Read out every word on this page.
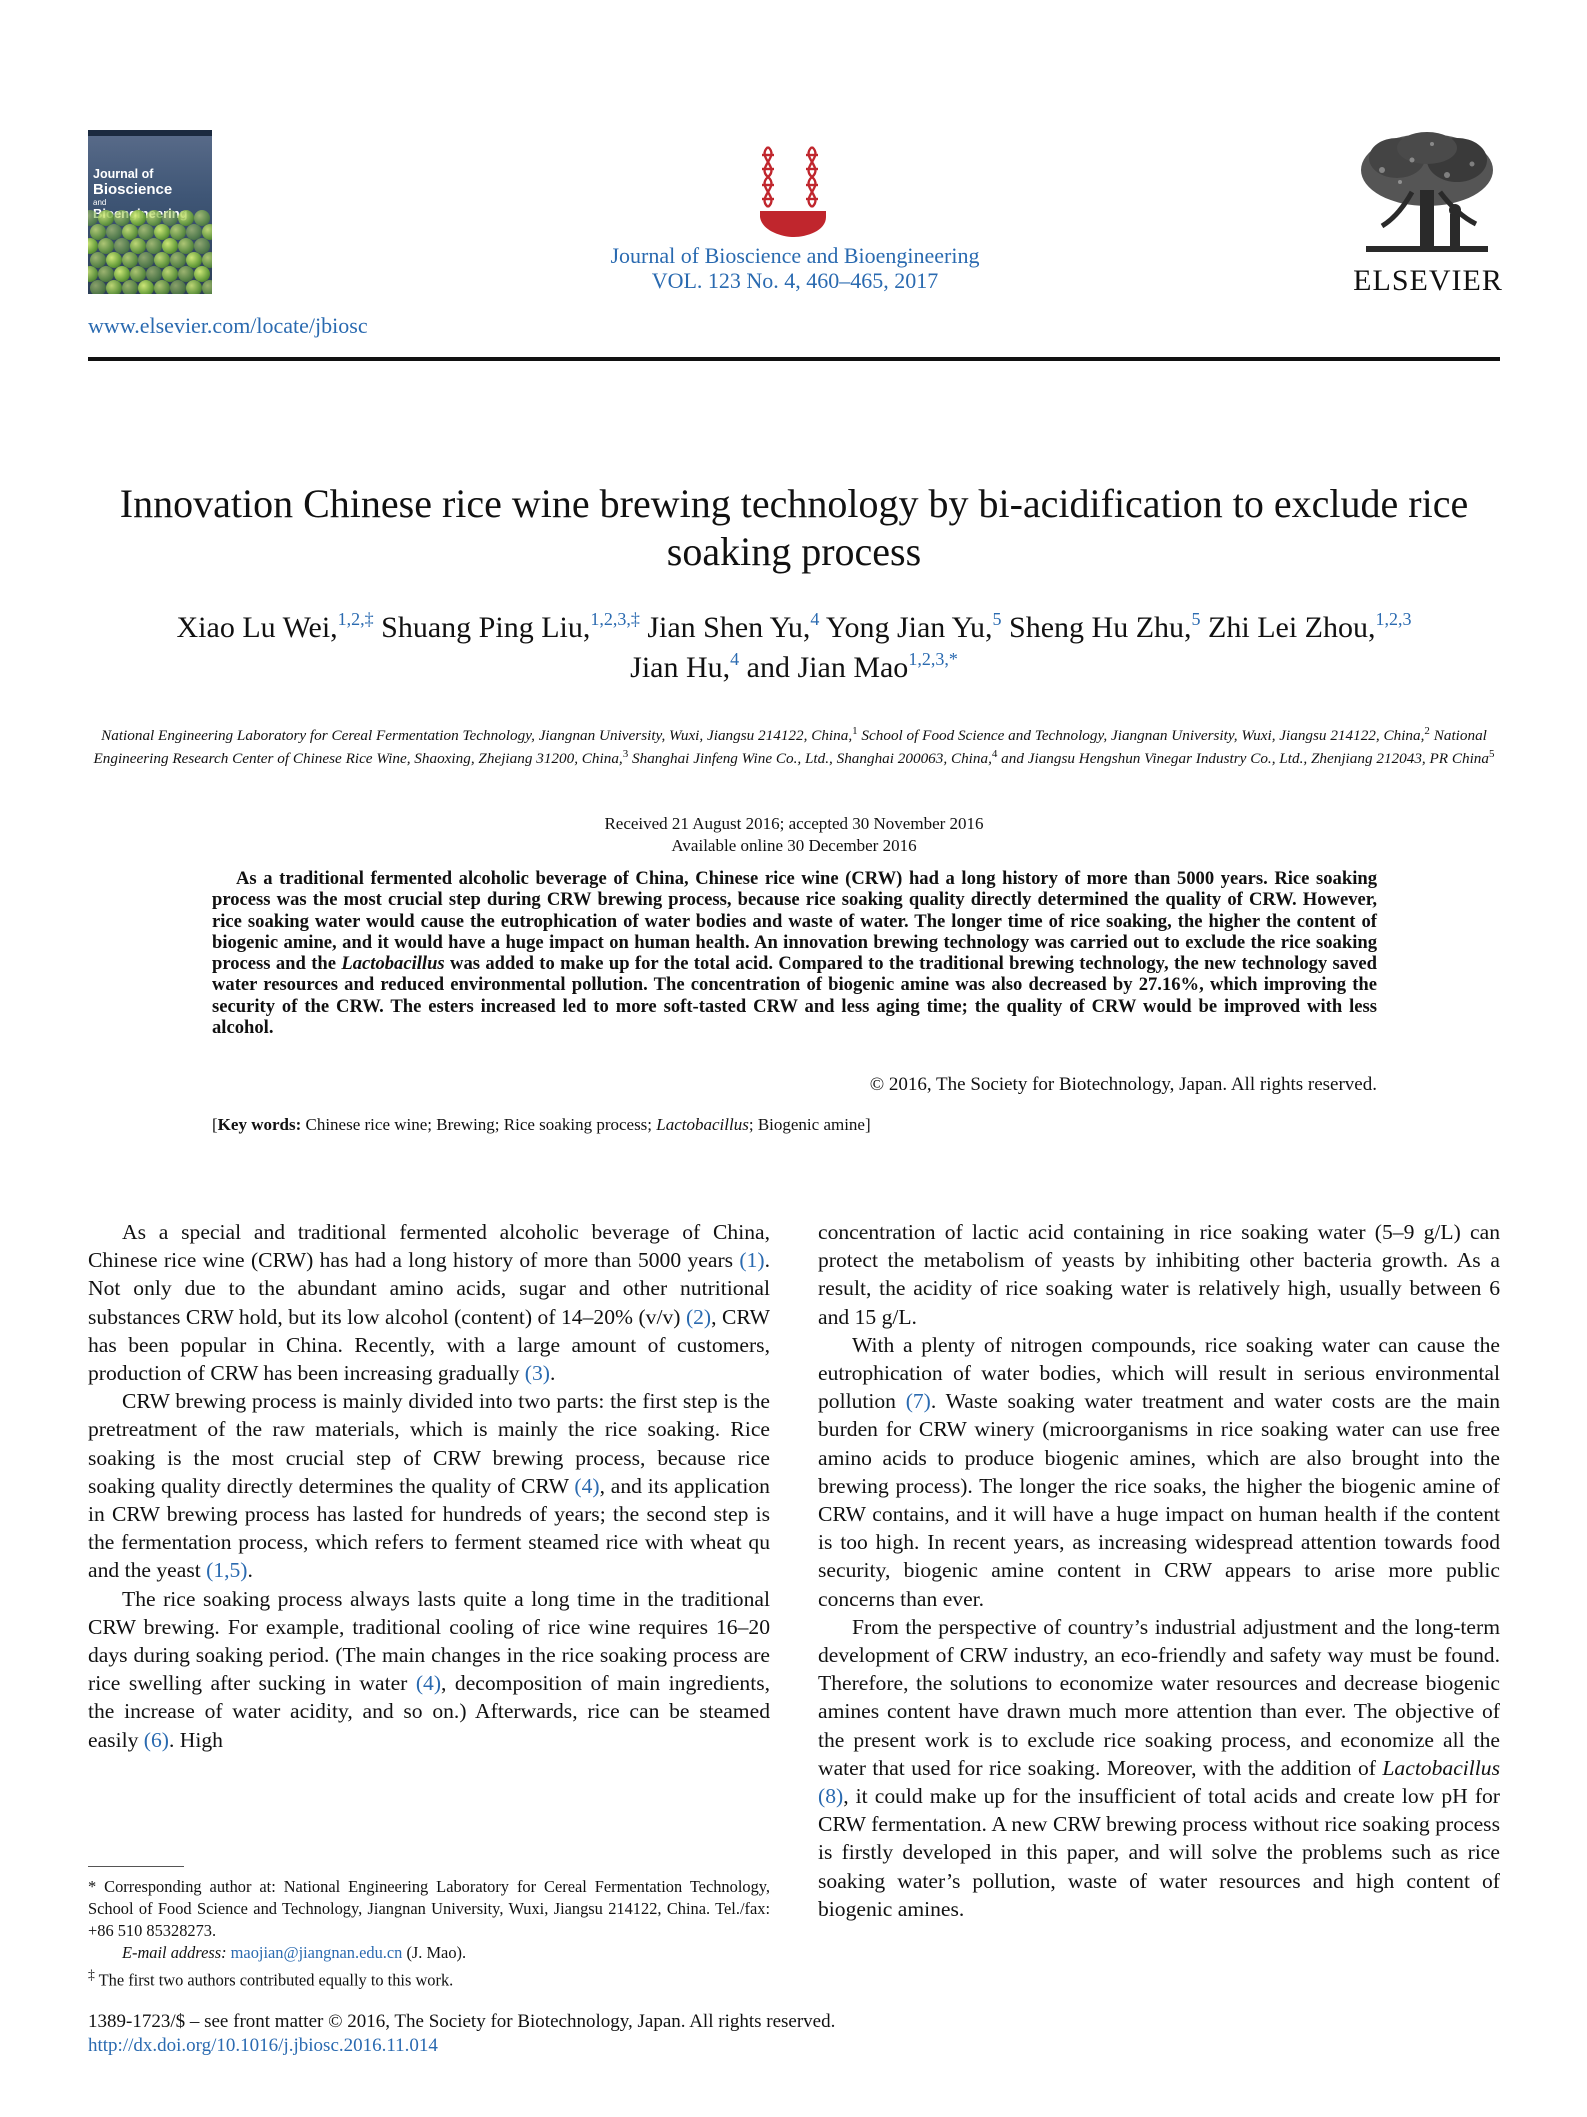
Journal of
Bioscience
and
Journal of Bioscience and Bioengineering
VOL. 123 No. 4, 460–465, 2017
www.elsevier.com/locate/jbiosc
ELSEVIER
Innovation Chinese rice wine brewing technology by bi-acidification to exclude rice soaking process
Xiao Lu Wei,$^{1,2,\ddagger}$ Shuang Ping Liu,$^{1,2,3,\ddagger}$ Jian Shen Yu,$^4$ Yong Jian Yu,$^5$ Sheng Hu Zhu,$^5$ Zhi Lei Zhou,$^{1,2,3}$
Jian Hu,$^4$ and Jian Mao$^{1,2,3,*}$
National Engineering Laboratory for Cereal Fermentation Technology, Jiangnan University, Wuxi, Jiangsu 214122, China,$^1$ School of Food Science and Technology, Jiangnan University, Wuxi, Jiangsu 214122, China,$^2$ National Engineering Research Center of Chinese Rice Wine, Shaoxing, Zhejiang 31200, China,$^3$ Shanghai Jinfeng Wine Co., Ltd., Shanghai 200063, China,$^4$ and Jiangsu Hengshun Vinegar Industry Co., Ltd., Zhenjiang 212043, PR China$^5$
Received 21 August 2016; accepted 30 November 2016
Available online 30 December 2016
As a traditional fermented alcoholic beverage of China, Chinese rice wine (CRW) had a long history of more than 5000 years. Rice soaking process was the most crucial step during CRW brewing process, because rice soaking quality directly determined the quality of CRW. However, rice soaking water would cause the eutrophication of water bodies and waste of water. The longer time of rice soaking, the higher the content of biogenic amine, and it would have a huge impact on human health. An innovation brewing technology was carried out to exclude the rice soaking process and the Lactobacillus was added to make up for the total acid. Compared to the traditional brewing technology, the new technology saved water resources and reduced environmental pollution. The concentration of biogenic amine was also decreased by 27.16%, which improving the security of the CRW. The esters increased led to more soft-tasted CRW and less aging time; the quality of CRW would be improved with less alcohol.
© 2016, The Society for Biotechnology, Japan. All rights reserved.
[Key words: Chinese rice wine; Brewing; Rice soaking process; Lactobacillus; Biogenic amine]

As a special and traditional fermented alcoholic beverage of China, Chinese rice wine (CRW) has had a long history of more than 5000 years (1). Not only due to the abundant amino acids, sugar and other nutritional substances CRW hold, but its low alcohol (content) of 14–20% (v/v) (2), CRW has been popular in China. Recently, with a large amount of customers, production of CRW has been increasing gradually (3).

CRW brewing process is mainly divided into two parts: the first step is the pretreatment of the raw materials, which is mainly the rice soaking. Rice soaking is the most crucial step of CRW brewing process, because rice soaking quality directly determines the quality of CRW (4), and its application in CRW brewing process has lasted for hundreds of years; the second step is the fermentation process, which refers to ferment steamed rice with wheat qu and the yeast (1,5).

The rice soaking process always lasts quite a long time in the traditional CRW brewing. For example, traditional cooling of rice wine requires 16–20 days during soaking period. (The main changes in the rice soaking process are rice swelling after sucking in water (4), decomposition of main ingredients, the increase of water acidity, and so on.) Afterwards, rice can be steamed easily (6). High

concentration of lactic acid containing in rice soaking water (5–9 g/L) can protect the metabolism of yeasts by inhibiting other bacteria growth. As a result, the acidity of rice soaking water is relatively high, usually between 6 and 15 g/L.

With a plenty of nitrogen compounds, rice soaking water can cause the eutrophication of water bodies, which will result in serious environmental pollution (7). Waste soaking water treatment and water costs are the main burden for CRW winery (microorganisms in rice soaking water can use free amino acids to produce biogenic amines, which are also brought into the brewing process). The longer the rice soaks, the higher the biogenic amine of CRW contains, and it will have a huge impact on human health if the content is too high. In recent years, as increasing widespread attention towards food security, biogenic amine content in CRW appears to arise more public concerns than ever.

From the perspective of country’s industrial adjustment and the long-term development of CRW industry, an eco-friendly and safety way must be found. Therefore, the solutions to economize water resources and decrease biogenic amines content have drawn much more attention than ever. The objective of the present work is to exclude rice soaking process, and economize all the water that used for rice soaking. Moreover, with the addition of Lactobacillus (8), it could make up for the insufficient of total acids and create low pH for CRW fermentation. A new CRW brewing process without rice soaking process is firstly developed in this paper, and will solve the problems such as rice soaking water’s pollution, waste of water resources and high content of biogenic amines.

* Corresponding author at: National Engineering Laboratory for Cereal Fermentation Technology, School of Food Science and Technology, Jiangnan University, Wuxi, Jiangsu 214122, China. Tel./fax: +86 510 85328273.

E-mail address: maojian@jiangnan.edu.cn (J. Mao).

‡ The first two authors contributed equally to this work.

1389-1723/$ – see front matter © 2016, The Society for Biotechnology, Japan. All rights reserved.
http://dx.doi.org/10.1016/j.jbiosc.2016.11.014
